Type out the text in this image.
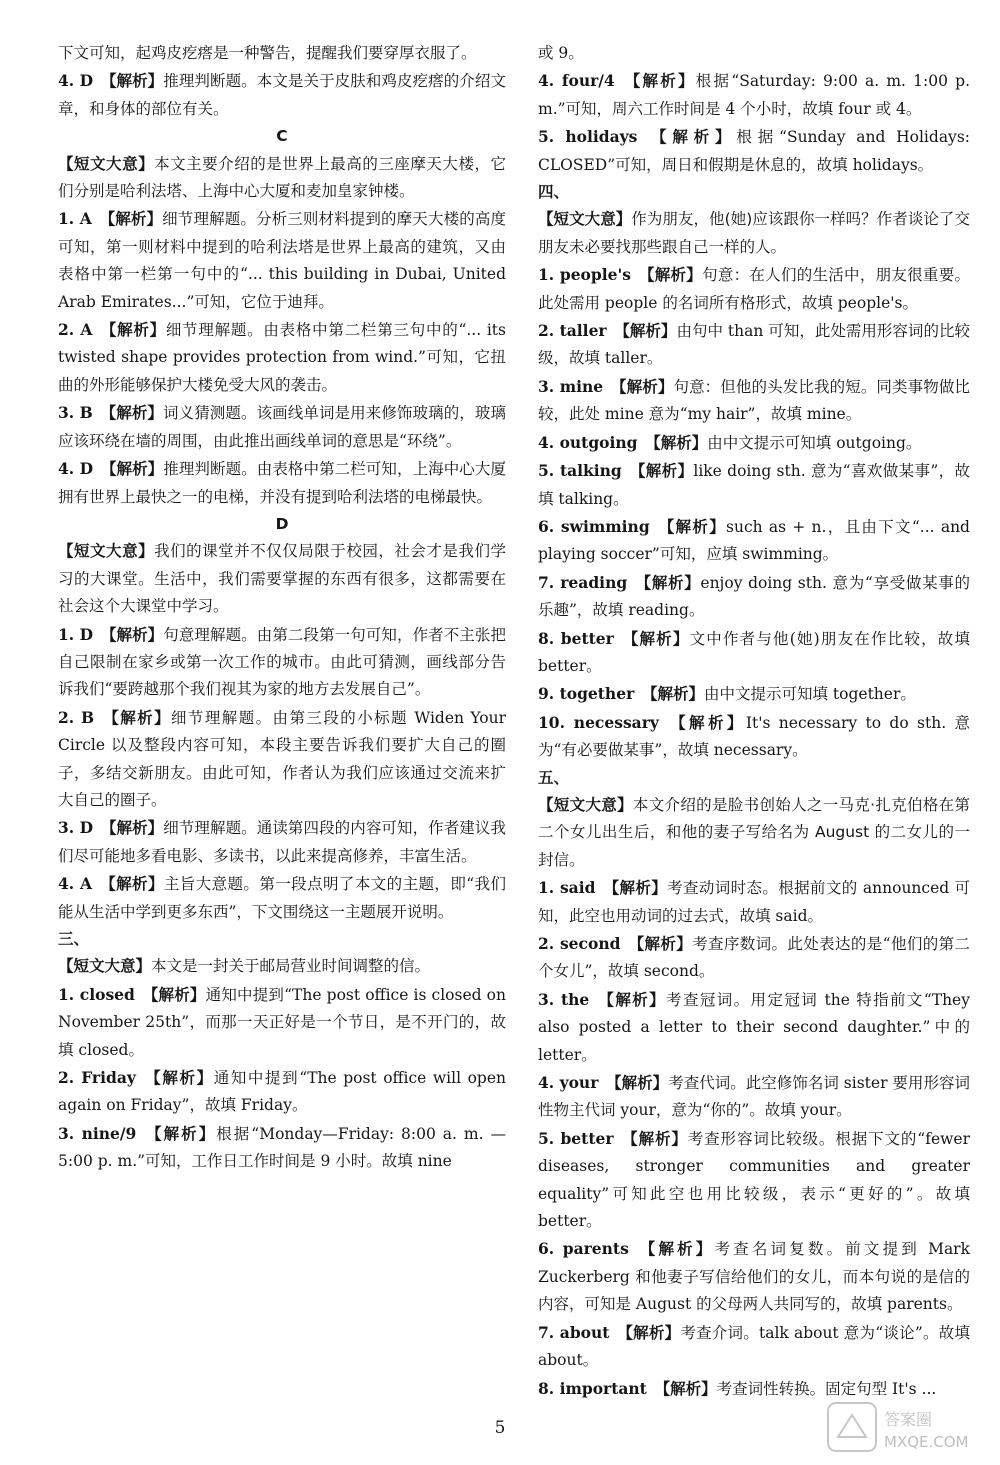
下文可知，起鸡皮疙瘩是一种警告，提醒我们要穿厚衣服了。

4. D  【解析】推理判断题。本文是关于皮肤和鸡皮疙瘩的介绍文章，和身体的部位有关。

C

【短文大意】本文主要介绍的是世界上最高的三座摩天大楼，它们分别是哈利法塔、上海中心大厦和麦加皇家钟楼。

1. A  【解析】细节理解题。分析三则材料提到的摩天大楼的高度可知，第一则材料中提到的哈利法塔是世界上最高的建筑，又由表格中第一栏第一句中的“... this building in Dubai, United Arab Emirates...”可知，它位于迪拜。

2. A  【解析】细节理解题。由表格中第二栏第三句中的“... its twisted shape provides protection from wind.”可知，它扭曲的外形能够保护大楼免受大风的袭击。

3. B  【解析】词义猜测题。该画线单词是用来修饰玻璃的，玻璃应该环绕在墙的周围，由此推出画线单词的意思是“环绕”。

4. D  【解析】推理判断题。由表格中第二栏可知，上海中心大厦拥有世界上最快之一的电梯，并没有提到哈利法塔的电梯最快。

D

【短文大意】我们的课堂并不仅仅局限于校园，社会才是我们学习的大课堂。生活中，我们需要掌握的东西有很多，这都需要在社会这个大课堂中学习。

1. D  【解析】句意理解题。由第二段第一句可知，作者不主张把自己限制在家乡或第一次工作的城市。由此可猜测，画线部分告诉我们“要跨越那个我们视其为家的地方去发展自己”。

2. B  【解析】细节理解题。由第三段的小标题 Widen Your Circle 以及整段内容可知，本段主要告诉我们要扩大自己的圈子，多结交新朋友。由此可知，作者认为我们应该通过交流来扩大自己的圈子。

3. D  【解析】细节理解题。通读第四段的内容可知，作者建议我们尽可能地多看电影、多读书，以此来提高修养，丰富生活。

4. A  【解析】主旨大意题。第一段点明了本文的主题，即“我们能从生活中学到更多东西”，下文围绕这一主题展开说明。

三、

【短文大意】本文是一封关于邮局营业时间调整的信。

1. closed  【解析】通知中提到“The post office is closed on November 25th”，而那一天正好是一个节日，是不开门的，故填 closed。

2. Friday  【解析】通知中提到“The post office will open again on Friday”，故填 Friday。

3. nine/9  【解析】根据“Monday—Friday: 8:00 a. m. —5:00 p. m.”可知，工作日工作时间是 9 小时。故填 nine

或 9。

4. four/4  【解析】根据“Saturday: 9:00 a. m. 1:00 p. m.”可知，周六工作时间是 4 个小时，故填 four 或 4。

5. holidays  【解析】根据“Sunday and Holidays: CLOSED”可知，周日和假期是休息的，故填 holidays。

四、

【短文大意】作为朋友，他(她)应该跟你一样吗？作者谈论了交朋友未必要找那些跟自己一样的人。

1. people's  【解析】句意：在人们的生活中，朋友很重要。此处需用 people 的名词所有格形式，故填 people's。

2. taller  【解析】由句中 than 可知，此处需用形容词的比较级，故填 taller。

3. mine  【解析】句意：但他的头发比我的短。同类事物做比较，此处 mine 意为“my hair”，故填 mine。

4. outgoing  【解析】由中文提示可知填 outgoing。

5. talking  【解析】like doing sth. 意为“喜欢做某事”，故填 talking。

6. swimming  【解析】such as + n.，且由下文“... and playing soccer”可知，应填 swimming。

7. reading  【解析】enjoy doing sth. 意为“享受做某事的乐趣”，故填 reading。

8. better  【解析】文中作者与他(她)朋友在作比较，故填 better。

9. together  【解析】由中文提示可知填 together。

10. necessary  【解析】It's necessary to do sth. 意为“有必要做某事”，故填 necessary。

五、

【短文大意】本文介绍的是脸书创始人之一马克·扎克伯格在第二个女儿出生后，和他的妻子写给名为 August 的二女儿的一封信。

1. said  【解析】考查动词时态。根据前文的 announced 可知，此空也用动词的过去式，故填 said。

2. second  【解析】考查序数词。此处表达的是“他们的第二个女儿”，故填 second。

3. the  【解析】考查冠词。用定冠词 the 特指前文“They also posted a letter to their second daughter.”中的 letter。

4. your  【解析】考查代词。此空修饰名词 sister 要用形容词性物主代词 your，意为“你的”。故填 your。

5. better  【解析】考查形容词比较级。根据下文的“fewer diseases, stronger communities and greater equality”可知此空也用比较级，表示“更好的”。故填 better。

6. parents  【解析】考查名词复数。前文提到 Mark Zuckerberg 和他妻子写信给他们的女儿，而本句说的是信的内容，可知是 August 的父母两人共同写的，故填 parents。

7. about  【解析】考查介词。talk about 意为“谈论”。故填 about。

8. important  【解析】考查词性转换。固定句型 It's ...

5	答案圈
MXQE.COM
